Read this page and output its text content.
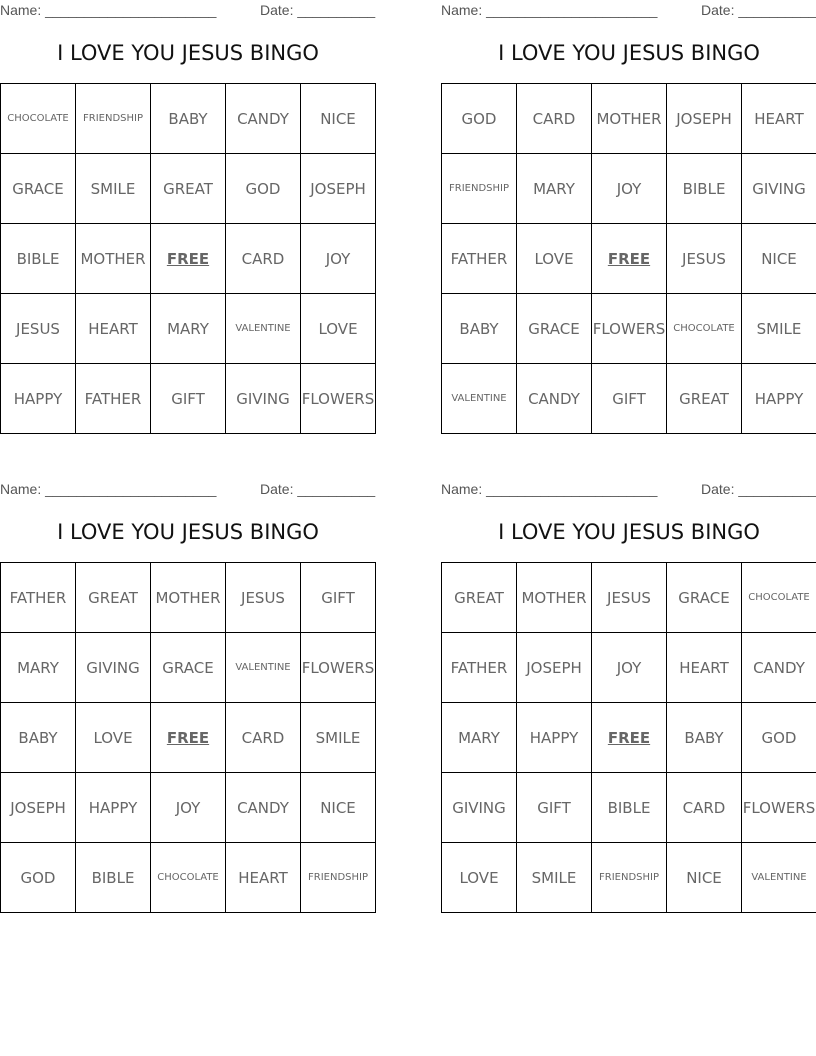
Name: ______________________	Date: __________
I LOVE YOU JESUS BINGO
CHOCOLATE	FRIENDSHIP	BABY	CANDY	NICE
GRACE	SMILE	GREAT	GOD	JOSEPH
BIBLE	MOTHER	FREE	CARD	JOY
JESUS	HEART	MARY	VALENTINE	LOVE
HAPPY	FATHER	GIFT	GIVING	FLOWERS
Name: ______________________	Date: __________
I LOVE YOU JESUS BINGO
GOD	CARD	MOTHER	JOSEPH	HEART
FRIENDSHIP	MARY	JOY	BIBLE	GIVING
FATHER	LOVE	FREE	JESUS	NICE
BABY	GRACE	FLOWERS	CHOCOLATE	SMILE
VALENTINE	CANDY	GIFT	GREAT	HAPPY
Name: ______________________	Date: __________
I LOVE YOU JESUS BINGO
FATHER	GREAT	MOTHER	JESUS	GIFT
MARY	GIVING	GRACE	VALENTINE	FLOWERS
BABY	LOVE	FREE	CARD	SMILE
JOSEPH	HAPPY	JOY	CANDY	NICE
GOD	BIBLE	CHOCOLATE	HEART	FRIENDSHIP
Name: ______________________	Date: __________
I LOVE YOU JESUS BINGO
GREAT	MOTHER	JESUS	GRACE	CHOCOLATE
FATHER	JOSEPH	JOY	HEART	CANDY
MARY	HAPPY	FREE	BABY	GOD
GIVING	GIFT	BIBLE	CARD	FLOWERS
LOVE	SMILE	FRIENDSHIP	NICE	VALENTINE
